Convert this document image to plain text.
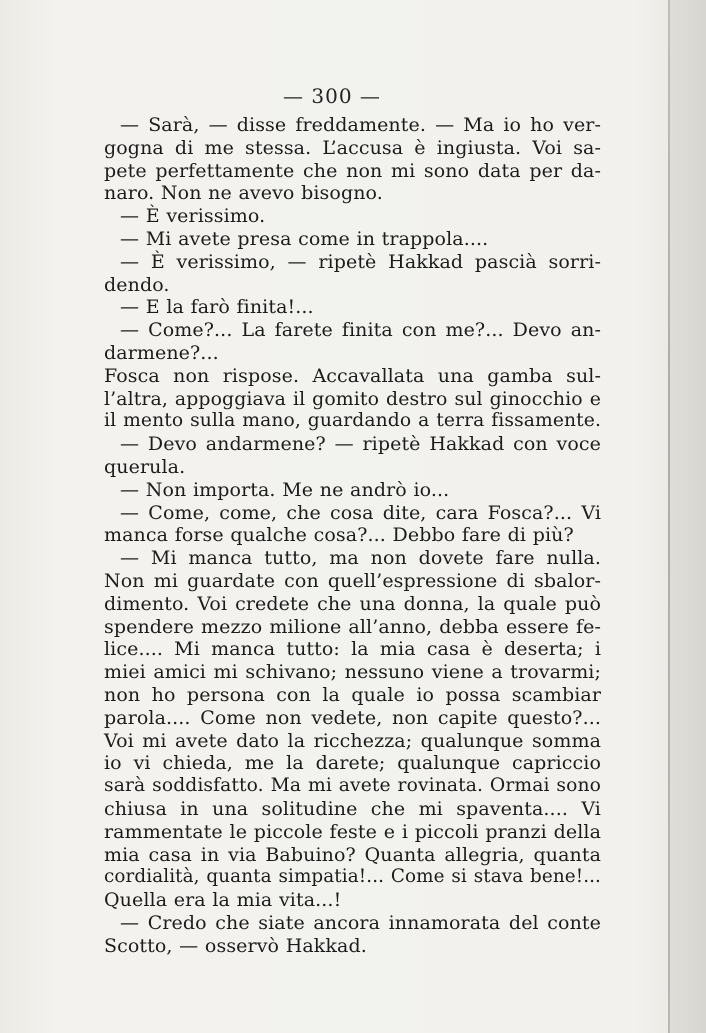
— 300 —
— Sarà, — disse freddamente. — Ma io ho ver-
gogna di me stessa. L’accusa è ingiusta. Voi sa-
pete perfettamente che non mi sono data per da-
naro. Non ne avevo bisogno.
— È verissimo.
— Mi avete presa come in trappola....
— È verissimo, — ripetè Hakkad pascià sorri-
dendo.
— E la farò finita!...
— Come?... La farete finita con me?... Devo an-
darmene?...
Fosca non rispose. Accavallata una gamba sul-
l’altra, appoggiava il gomito destro sul ginocchio e
il mento sulla mano, guardando a terra fissamente.
— Devo andarmene? — ripetè Hakkad con voce
querula.
— Non importa. Me ne andrò io...
— Come, come, che cosa dite, cara Fosca?... Vi
manca forse qualche cosa?... Debbo fare di più?
— Mi manca tutto, ma non dovete fare nulla.
Non mi guardate con quell’espressione di sbalor-
dimento. Voi credete che una donna, la quale può
spendere mezzo milione all’anno, debba essere fe-
lice.... Mi manca tutto: la mia casa è deserta; i
miei amici mi schivano; nessuno viene a trovarmi;
non ho persona con la quale io possa scambiar
parola.... Come non vedete, non capite questo?...
Voi mi avete dato la ricchezza; qualunque somma
io vi chieda, me la darete; qualunque capriccio
sarà soddisfatto. Ma mi avete rovinata. Ormai sono
chiusa in una solitudine che mi spaventa.... Vi
rammentate le piccole feste e i piccoli pranzi della
mia casa in via Babuino? Quanta allegria, quanta
cordialità, quanta simpatia!... Come si stava bene!...
Quella era la mia vita...!
— Credo che siate ancora innamorata del conte
Scotto, — osservò Hakkad.
